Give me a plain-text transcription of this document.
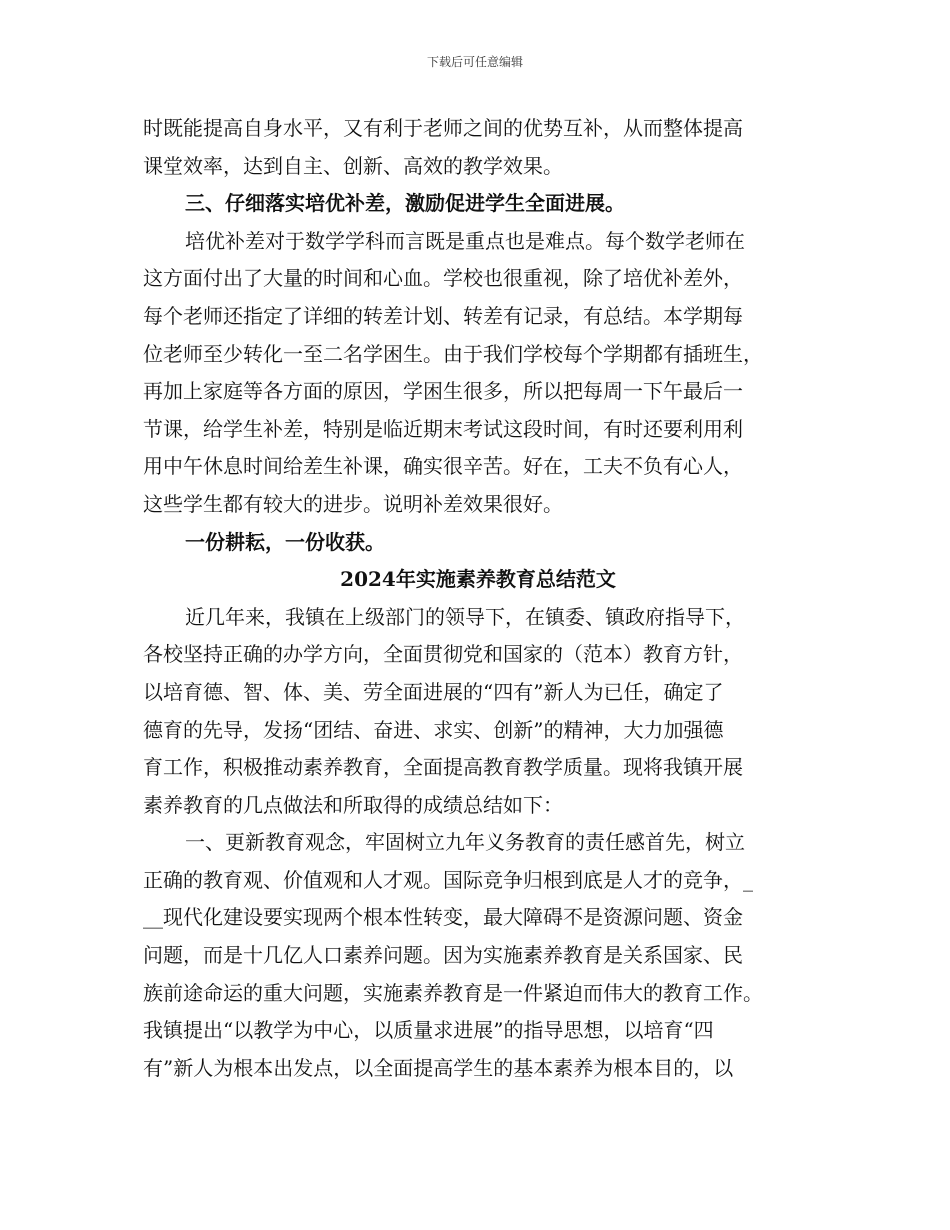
下载后可任意编辑
时既能提高自身水平，又有利于老师之间的优势互补，从而整体提高
课堂效率，达到自主、创新、高效的教学效果。
三、仔细落实培优补差，激励促进学生全面进展。
培优补差对于数学学科而言既是重点也是难点。每个数学老师在
这方面付出了大量的时间和心血。学校也很重视，除了培优补差外，
每个老师还指定了详细的转差计划、转差有记录，有总结。本学期每
位老师至少转化一至二名学困生。由于我们学校每个学期都有插班生，
再加上家庭等各方面的原因，学困生很多，所以把每周一下午最后一
节课，给学生补差，特别是临近期末考试这段时间，有时还要利用利
用中午休息时间给差生补课，确实很辛苦。好在，工夫不负有心人，
这些学生都有较大的进步。说明补差效果很好。
一份耕耘，一份收获。
2024年实施素养教育总结范文
近几年来，我镇在上级部门的领导下，在镇委、镇政府指导下，
各校坚持正确的办学方向，全面贯彻党和国家的（范本）教育方针，
以培育德、智、体、美、劳全面进展的“四有”新人为已任，确定了
德育的先导，发扬“团结、奋进、求实、创新”的精神，大力加强德
育工作，积极推动素养教育，全面提高教育教学质量。现将我镇开展
素养教育的几点做法和所取得的成绩总结如下：
一、更新教育观念，牢固树立九年义务教育的责任感首先，树立
正确的教育观、价值观和人才观。国际竞争归根到底是人才的竞争，_
__现代化建设要实现两个根本性转变，最大障碍不是资源问题、资金
问题，而是十几亿人口素养问题。因为实施素养教育是关系国家、民
族前途命运的重大问题，实施素养教育是一件紧迫而伟大的教育工作。
我镇提出“以教学为中心，以质量求进展”的指导思想，以培育“四
有”新人为根本出发点，以全面提高学生的基本素养为根本目的，以
